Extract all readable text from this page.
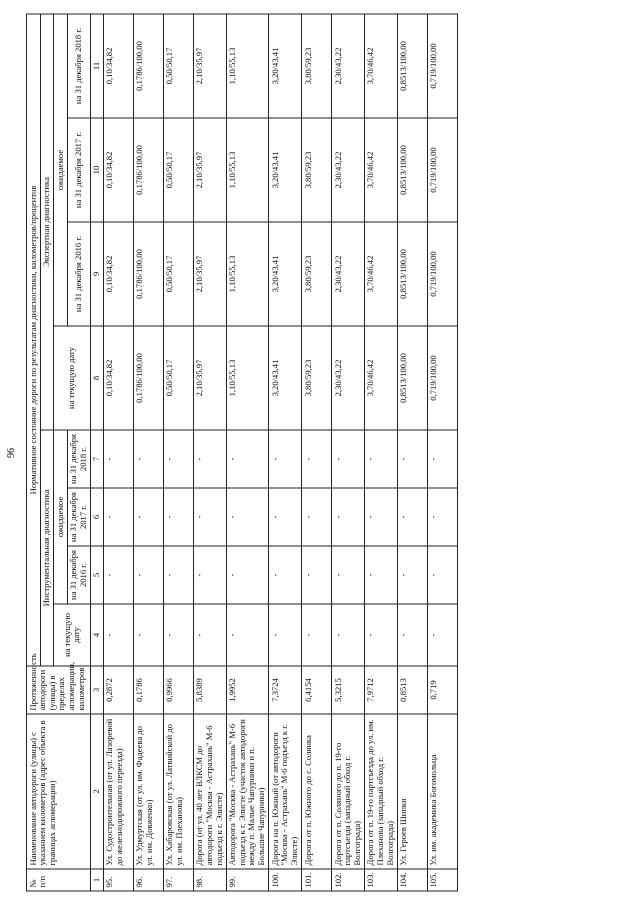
96
№ п/п	Наименование автодороги (улицы) с указанием километров (адрес объекта в границах агломерации)	Протяженность автодороги (улицы) в пределах агломерации, километров	Нормативное состояние дороги по результатам диагностики, километров/процентов							
			Инструментальная диагностика				Экспертная диагностика			
			на текущую дату	ожидаемое			на текущую дату	ожидаемое		
				на 31 декабря 2016 г.	на 31 декабря 2017 г.	на 31 декабря 2018 г.		на 31 декабря 2016 г.	на 31 декабря 2017 г.	на 31 декабря 2018 г.
1	2	3	4	5	6	7	8	9	10	11
95.	Ул. Судостроительная (от ул. Лазоревой до железнодорожного переезда)	0,2872	-	-	-	-	0,10/34,82	0,10/34,82	0,10/34,82	0,10/34,82
96.	Ул. Удмуртская (от ул. им. Фадеева до ул. им. Довженко)	0,1786	-	-	-	-	0,1786/100,00	0,1786/100,00	0,1786/100,00	0,1786/100,00
97.	Ул. Хабаровская (от ул. Латвийской до ул. им. Плеханова)	0,9966	-	-	-	-	0,50/50,17	0,50/50,17	0,50/50,17	0,50/50,17
98.	Дорога (от ул. 40 лет ВЛКСМ до автодороги "Москва - Астрахань" М-6 подъезд к г. Элисте)	5,8389	-	-	-	-	2,10/35,97	2,10/35,97	2,10/35,97	2,10/35,97
99.	Автодорога "Москва - Астрахань" М-6 подъезд к г. Элисте (участок автодороги между п. Малые Чапурники и п. Большие Чапурники)	1,9952	-	-	-	-	1,10/55,13	1,10/55,13	1,10/55,13	1,10/55,13
100.	Дорога на п. Южный (от автодороги "Москва - Астрахань" М-6 подъезд к г. Элисте)	7,3724	-	-	-	-	3,20/43,41	3,20/43,41	3,20/43,41	3,20/43,41
101.	Дорога от п. Южного до с. Солянка	6,4154	-	-	-	-	3,80/59,23	3,80/59,23	3,80/59,23	3,80/59,23
102.	Дорога от п. Соляного до п. 19-го партсъезда (западный обход г. Волгограда)	5,3215	-	-	-	-	2,30/43,22	2,30/43,22	2,30/43,22	2,30/43,22
103.	Дорога от п. 19-го партсъезда до ул. им. Плеханова (западный обход г. Волгограда)	7,9712	-	-	-	-	3,70/46,42	3,70/46,42	3,70/46,42	3,70/46,42
104.	Ул. Героев Шипки	0,8513	-	-	-	-	0,8513/100,00	0,8513/100,00	0,8513/100,00	0,8513/100,00
105.	Ул. им. академика Богомольца	0,719	-	-	-	-	0,719/100,00	0,719/100,00	0,719/100,00	0,719/100,00
